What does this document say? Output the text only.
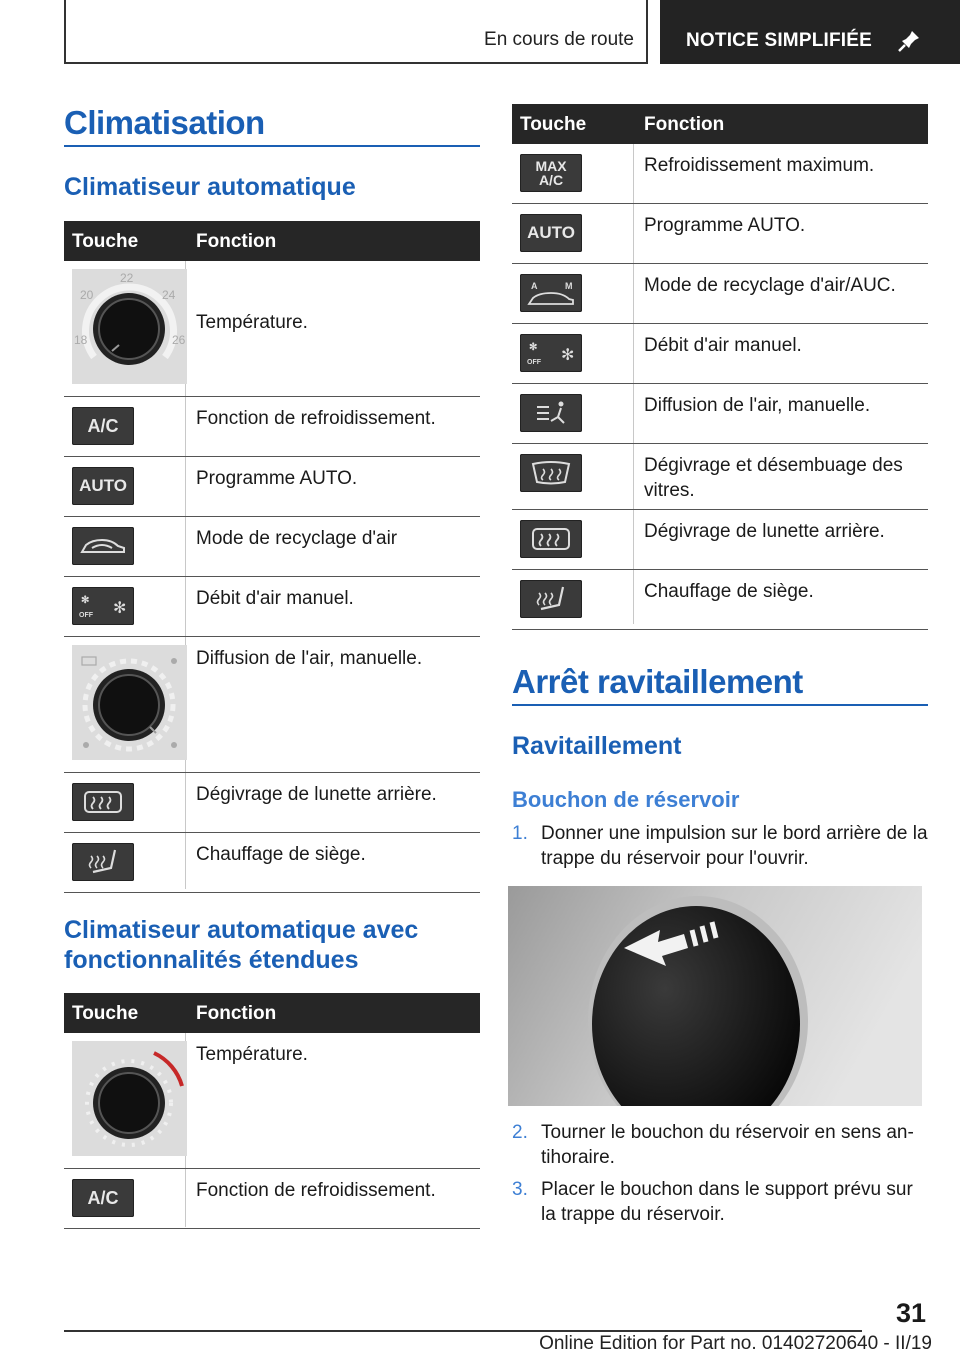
En cours de route	NOTICE SIMPLIFIÉE
Climatisation
Climatiseur automatique
Touche	Fonction
20
22
24
18	26
Température.
A/C	Fonction de refroidissement.
AUTO	Programme AUTO.
Mode de recyclage d'air
✻
OFF ✻	Débit d'air manuel.
Diffusion de l'air, manuelle.
Dégivrage de lunette arrière.
Chauffage de siège.
Climatiseur automatique avec
fonctionnalités étendues
Touche	Fonction
Température.
A/C	Fonction de refroidissement.
Touche	Fonction
MAX
A/C
Refroidissement maximum.
AUTO	Programme AUTO.
A	M	Mode de recyclage d'air/AUC.
✻
OFF ✻	Débit d'air manuel.
Diffusion de l'air, manuelle.
Dégivrage et désembuage des
vitres.
Dégivrage de lunette arrière.
Chauffage de siège.
Arrêt ravitaillement
Ravitaillement
Bouchon de réservoir
1. Donner une impulsion sur le bord arrière de la
trappe du réservoir pour l'ouvrir.
2. Tourner le bouchon du réservoir en sens an-
tihoraire.
3. Placer le bouchon dans le support prévu sur
la trappe du réservoir.
31
Online Edition for Part no. 01402720640 - II/19
